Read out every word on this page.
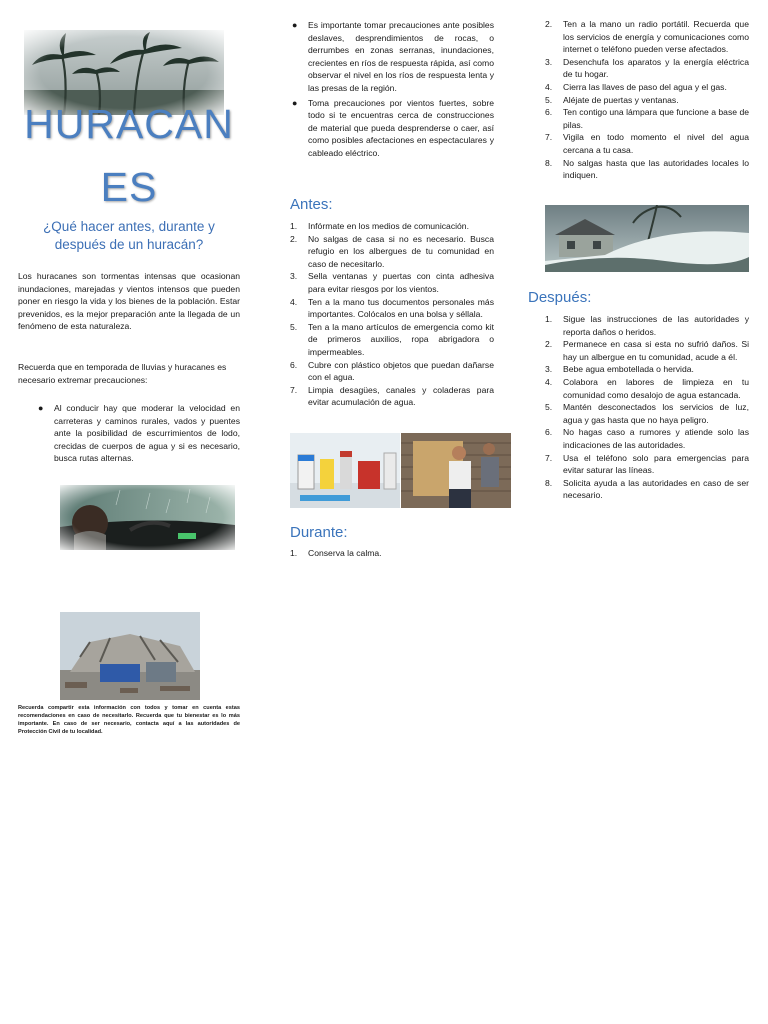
HURACAN

ES

¿Qué hacer antes, durante y después de un huracán?

Los huracanes son tormentas intensas que ocasionan inundaciones, marejadas y vientos intensos que pueden poner en riesgo la vida y los bienes de la población. Estar prevenidos, es la mejor preparación ante la llegada de un fenómeno de esta naturaleza.

Recuerda que en temporada de lluvias y huracanes es necesario extremar precauciones:

● Al conducir hay que moderar la velocidad en carreteras y caminos rurales, vados y puentes ante la posibilidad de escurrimientos de lodo, crecidas de cuerpos de agua y si es necesario, busca rutas alternas.

Recuerda compartir esta información con todos y tomar en cuenta estas recomendaciones en caso de necesitarlo. Recuerda que tu bienestar es lo más importante. En caso de ser necesario, contacta aquí a las autoridades de Protección Civil de tu localidad.

● Es importante tomar precauciones ante posibles deslaves, desprendimientos de rocas, o derrumbes en zonas serranas, inundaciones, crecientes en ríos de respuesta rápida, así como observar el nivel en los ríos de respuesta lenta y las presas de la región.
● Toma precauciones por vientos fuertes, sobre todo si te encuentras cerca de construcciones de material que pueda desprenderse o caer, así como posibles afectaciones en espectaculares y cableado eléctrico.
Antes:
1. Infórmate en los medios de comunicación.
2. No salgas de casa si no es necesario. Busca refugio en los albergues de tu comunidad en caso de necesitarlo.
3. Sella ventanas y puertas con cinta adhesiva para evitar riesgos por los vientos.
4. Ten a la mano tus documentos personales más importantes. Colócalos en una bolsa y séllala.
5. Ten a la mano artículos de emergencia como kit de primeros auxilios, ropa abrigadora o impermeables.
6. Cubre con plástico objetos que puedan dañarse con el agua.
7. Limpia desagües, canales y coladeras para evitar acumulación de agua.
Durante:
1. Conserva la calma.
2. Ten a la mano un radio portátil. Recuerda que los servicios de energía y comunicaciones como internet o teléfono pueden verse afectados.
3. Desenchufa los aparatos y la energía eléctrica de tu hogar.
4. Cierra las llaves de paso del agua y el gas.
5. Aléjate de puertas y ventanas.
6. Ten contigo una lámpara que funcione a base de pilas.
7. Vigila en todo momento el nivel del agua cercana a tu casa.
8. No salgas hasta que las autoridades locales lo indiquen.
Después:
1. Sigue las instrucciones de las autoridades y reporta daños o heridos.
2. Permanece en casa si esta no sufrió daños. Si hay un albergue en tu comunidad, acude a él.
3. Bebe agua embotellada o hervida.
4. Colabora en labores de limpieza en tu comunidad como desalojo de agua estancada.
5. Mantén desconectados los servicios de luz, agua y gas hasta que no haya peligro.
6. No hagas caso a rumores y atiende solo las indicaciones de las autoridades.
7. Usa el teléfono solo para emergencias para evitar saturar las líneas.
8. Solicita ayuda a las autoridades en caso de ser necesario.
